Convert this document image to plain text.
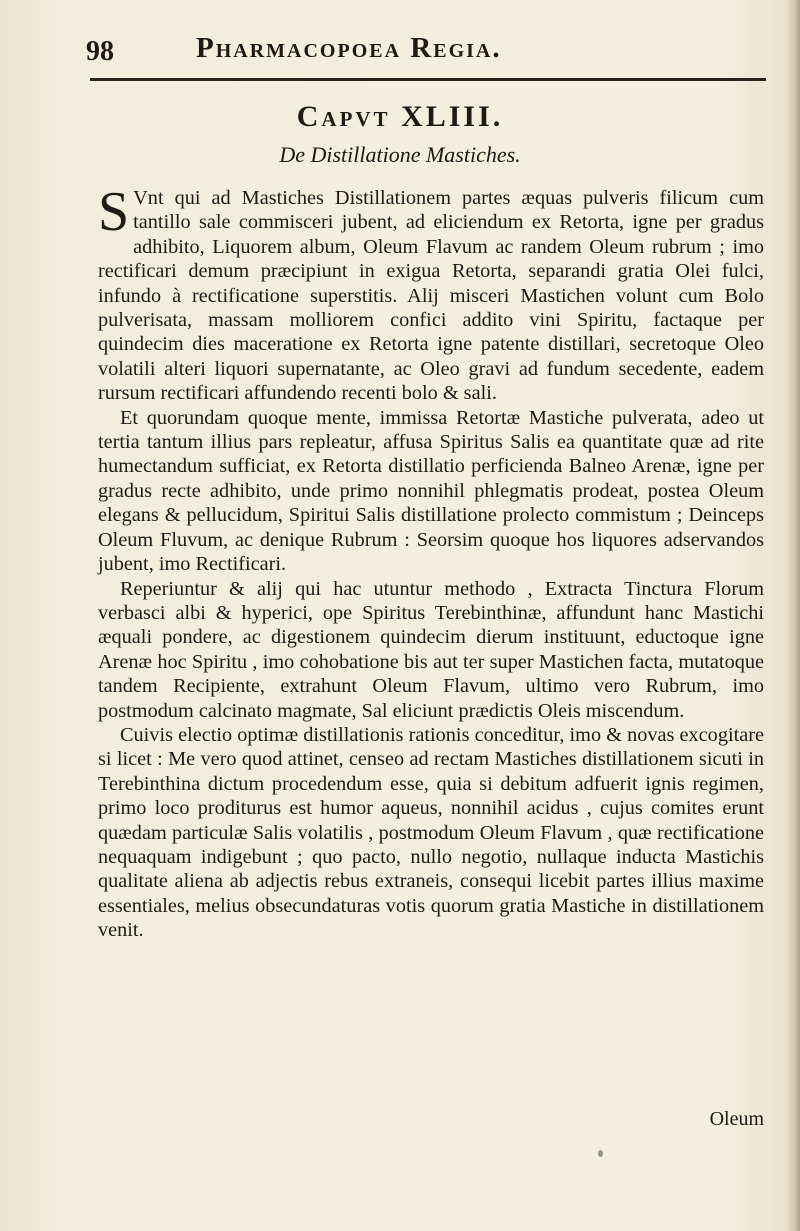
98	Pharmacopoea Regia.
Capvt XLIII.
De Distillatione Mastiches.

S Vnt qui ad Mastiches Distillationem partes æquas pulveris filicum cum tantillo sale commisceri jubent, ad eliciendum ex Retorta, igne per gradus adhibito, Liquorem album, Oleum Flavum ac randem Oleum rubrum ; imo rectificari demum præcipiunt in exigua Retorta, separandi gratia Olei fulci, infundo à rectificatione superstitis. Alij misceri Mastichen volunt cum Bolo pulverisata, massam molliorem confici addito vini Spiritu, factaque per quindecim dies maceratione ex Retorta igne patente distillari, secretoque Oleo volatili alteri liquori supernatante, ac Oleo gravi ad fundum secedente, eadem rursum rectificari affundendo recenti bolo & sali.

Et quorundam quoque mente, immissa Retortæ Mastiche pulverata, adeo ut tertia tantum illius pars repleatur, affusa Spiritus Salis ea quantitate quæ ad rite humectandum sufficiat, ex Retorta distillatio perficienda Balneo Arenæ, igne per gradus recte adhibito, unde primo nonnihil phlegmatis prodeat, postea Oleum elegans & pellucidum, Spiritui Salis distillatione prolecto commistum ; Deinceps Oleum Fluvum, ac denique Rubrum : Seorsim quoque hos liquores adservandos jubent, imo Rectificari.

Reperiuntur & alij qui hac utuntur methodo , Extracta Tinctura Florum verbasci albi & hyperici, ope Spiritus Terebinthinæ, affundunt hanc Mastichi æquali pondere, ac digestionem quindecim dierum instituunt, eductoque igne Arenæ hoc Spiritu , imo cohobatione bis aut ter super Mastichen facta, mutatoque tandem Recipiente, extrahunt Oleum Flavum, ultimo vero Rubrum, imo postmodum calcinato magmate, Sal eliciunt prædictis Oleis miscendum.

Cuivis electio optimæ distillationis rationis conceditur, imo & novas excogitare si licet : Me vero quod attinet, censeo ad rectam Mastiches distillationem sicuti in Terebinthina dictum procedendum esse, quia si debitum adfuerit ignis regimen, primo loco proditurus est humor aqueus, nonnihil acidus , cujus comites erunt quædam particulæ Salis volatilis , postmodum Oleum Flavum , quæ rectificatione nequaquam indigebunt ; quo pacto, nullo negotio, nullaque inducta Mastichis qualitate aliena ab adjectis rebus extraneis, consequi licebit partes illius maxime essentiales, melius obsecundaturas votis quorum gratia Mastiche in distillationem venit.

Oleum
